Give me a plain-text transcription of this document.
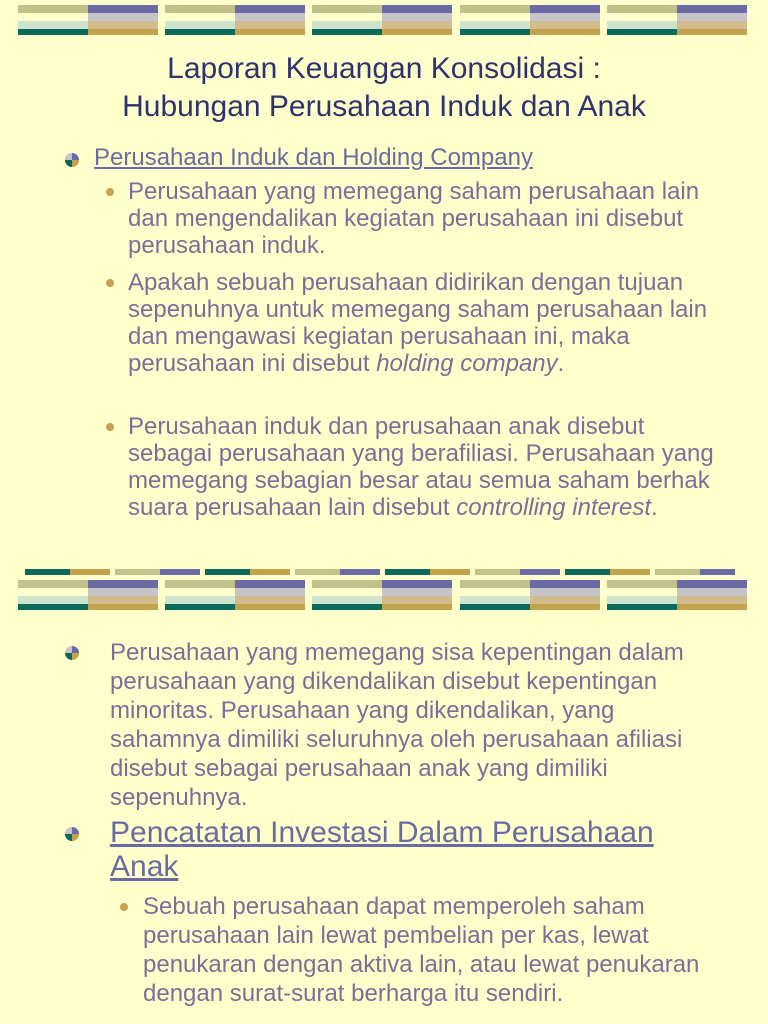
Laporan Keuangan Konsolidasi :
Hubungan Perusahaan Induk dan Anak
Perusahaan Induk dan Holding Company
Perusahaan yang memegang saham perusahaan lain dan mengendalikan kegiatan perusahaan ini disebut perusahaan induk.
Apakah sebuah perusahaan didirikan dengan tujuan sepenuhnya untuk memegang saham perusahaan lain dan mengawasi kegiatan perusahaan ini, maka perusahaan ini disebut holding company.
Perusahaan induk dan perusahaan anak disebut sebagai perusahaan yang berafiliasi. Perusahaan yang memegang sebagian besar atau semua saham berhak suara perusahaan lain disebut controlling interest.
Perusahaan yang memegang sisa kepentingan dalam perusahaan yang dikendalikan disebut kepentingan minoritas. Perusahaan yang dikendalikan, yang sahamnya dimiliki seluruhnya oleh perusahaan afiliasi disebut sebagai perusahaan anak yang dimiliki sepenuhnya.
Pencatatan Investasi Dalam Perusahaan Anak
Sebuah perusahaan dapat memperoleh saham perusahaan lain lewat pembelian per kas, lewat penukaran dengan aktiva lain, atau lewat penukaran dengan surat-surat berharga itu sendiri.
